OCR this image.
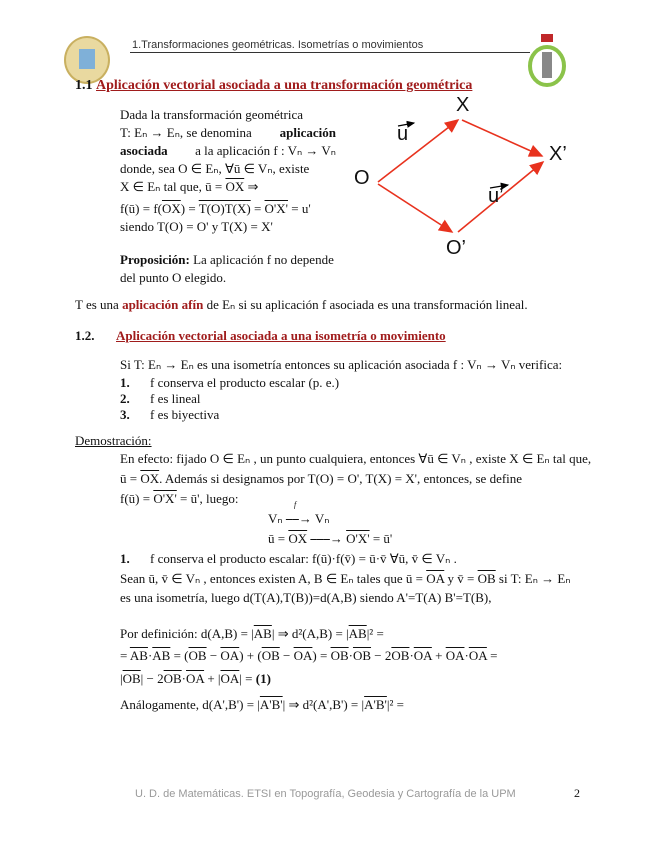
1.Transformaciones geométricas. Isometrías o movimientos
1.1 Aplicación vectorial asociada a una transformación geométrica
Proposición: La aplicación f no depende
del punto O elegido.
X
X’
O
O’
u
u’
1.2. Aplicación vectorial asociada a una isometría o movimiento
Si T: Eₙ → Eₙ es una isometría entonces su aplicación asociada f : Vₙ → Vₙ verifica:
Demostración:
f
1. f conserva el producto escalar: f(ū)·f(v̄) = ū·v̄ ∀ū, v̄ ∈ Vₙ .
U. D. de Matemáticas. ETSI en Topografía, Geodesia y Cartografía de la UPM	2
Dada la transformación geométrica
T: Eₙ → Eₙ, se denomina aplicación
asociada a la aplicación f : Vₙ → Vₙ
donde, sea O ∈ Eₙ, ∀ū ∈ Vₙ, existe
X ∈ Eₙ tal que, ū = $\overline{OX}$ ⇒
f(ū) = $f(\overline{OX}) = T(O)T(X) = O'X' = u'$
siendo T(O) = O' y T(X) = X'
T es una aplicación afín de Eₙ si su aplicación f asociada es una transformación lineal.
1. f conserva el producto escalar (p. e.)
2. f es lineal
3. f es biyectiva
En efecto: fijado O ∈ Eₙ , un punto cualquiera, entonces ∀ū ∈ Vₙ , existe X ∈ Eₙ tal que,
ū = $\overline{OX}$. Además si designamos por T(O) = O', T(X) = X', entonces, se define
f(ū) = O'X' = ū', luego:
Vₙ ⎯⎯→ Vₙ
ū = $\overline{OX}$ ⎯⎯⎯→ O'X' = ū'
Sean ū, v̄ ∈ Vₙ , entonces existen A, B ∈ Eₙ tales que ū = $\overline{OA}$ y v̄ = $\overline{OB}$ si T: Eₙ → Eₙ
es una isometría, luego d(T(A),T(B))=d(A,B) siendo A'=T(A) B'=T(B),
Por definición: $d(A,B) = |\overline{AB}|$ ⇒ $d^2(A,B) = |\overline{AB}|^2$ =
= $\overline{AB}\cdot\overline{AB} = (\overline{OB} - \overline{OA}) + (\overline{OB} - \overline{OA}) = \overline{OB}\cdot\overline{OB} - 2\overline{OB}\cdot\overline{OA} + \overline{OA}\cdot\overline{OA}$ =
$|\overline{OB}| - 2\overline{OB}\cdot\overline{OA} + |\overline{OA}| = (1)$
Análogamente, d(A',B') = |A'B'| ⇒ d²(A',B') = |A'B'|² =
